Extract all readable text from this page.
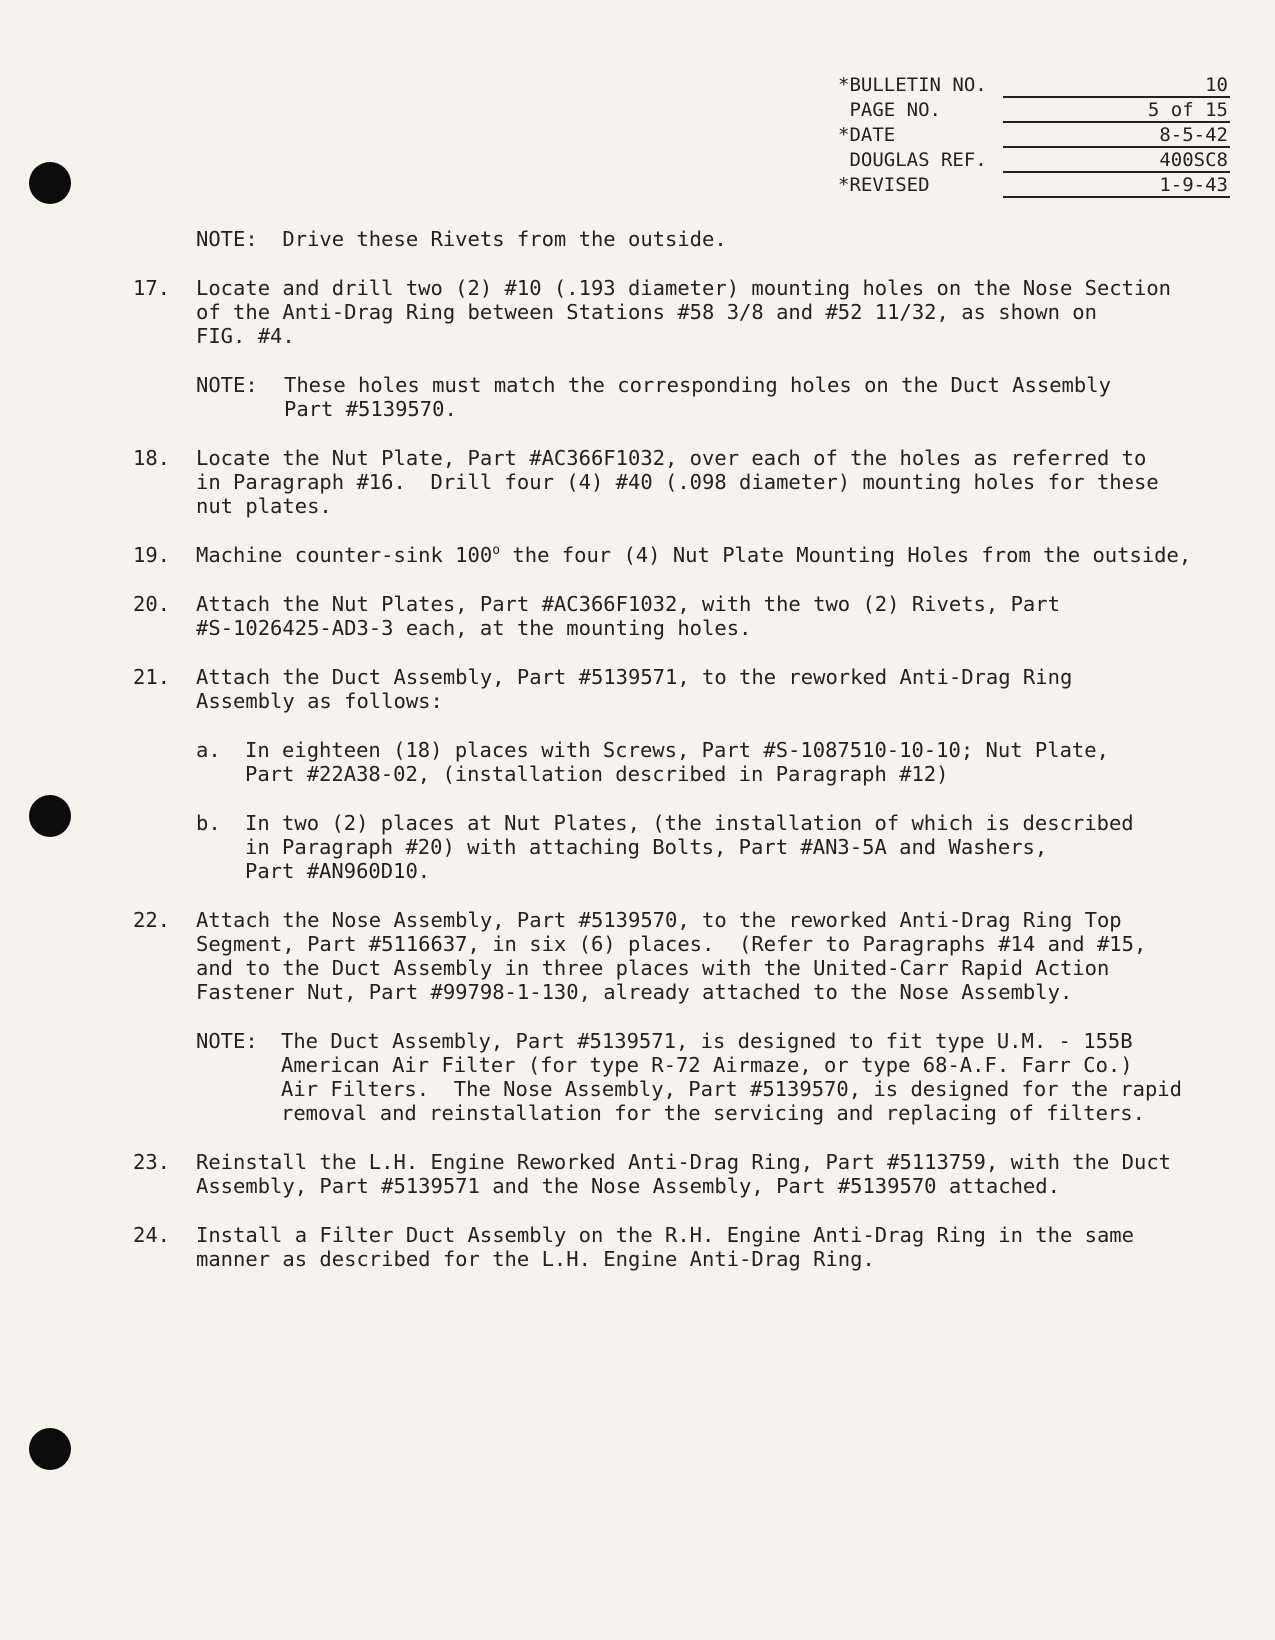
*BULLETIN NO.	10
PAGE NO.	5 of 15
*DATE	8-5-42
DOUGLAS REF.	400SC8
*REVISED	1-9-43
NOTE:  Drive these Rivets from the outside.
17. Locate and drill two (2) #10 (.193 diameter) mounting holes on the Nose Section
of the Anti-Drag Ring between Stations #58 3/8 and #52 11/32, as shown on
FIG. #4.
NOTE: These holes must match the corresponding holes on the Duct Assembly
Part #5139570.
18. Locate the Nut Plate, Part #AC366F1032, over each of the holes as referred to
in Paragraph #16.  Drill four (4) #40 (.098 diameter) mounting holes for these
nut plates.
19. Machine counter-sink 100$^o$ the four (4) Nut Plate Mounting Holes from the outside,
20. Attach the Nut Plates, Part #AC366F1032, with the two (2) Rivets, Part
#S-1026425-AD3-3 each, at the mounting holes.
21. Attach the Duct Assembly, Part #5139571, to the reworked Anti-Drag Ring
Assembly as follows:
a. In eighteen (18) places with Screws, Part #S-1087510-10-10; Nut Plate,
Part #22A38-02, (installation described in Paragraph #12)
b. In two (2) places at Nut Plates, (the installation of which is described
in Paragraph #20) with attaching Bolts, Part #AN3-5A and Washers,
Part #AN960D10.
22. Attach the Nose Assembly, Part #5139570, to the reworked Anti-Drag Ring Top
Segment, Part #5116637, in six (6) places.  (Refer to Paragraphs #14 and #15,
and to the Duct Assembly in three places with the United-Carr Rapid Action
Fastener Nut, Part #99798-1-130, already attached to the Nose Assembly.
NOTE: The Duct Assembly, Part #5139571, is designed to fit type U.M. - 155B
American Air Filter (for type R-72 Airmaze, or type 68-A.F. Farr Co.)
Air Filters.  The Nose Assembly, Part #5139570, is designed for the rapid
removal and reinstallation for the servicing and replacing of filters.
23. Reinstall the L.H. Engine Reworked Anti-Drag Ring, Part #5113759, with the Duct
Assembly, Part #5139571 and the Nose Assembly, Part #5139570 attached.
24. Install a Filter Duct Assembly on the R.H. Engine Anti-Drag Ring in the same
manner as described for the L.H. Engine Anti-Drag Ring.
